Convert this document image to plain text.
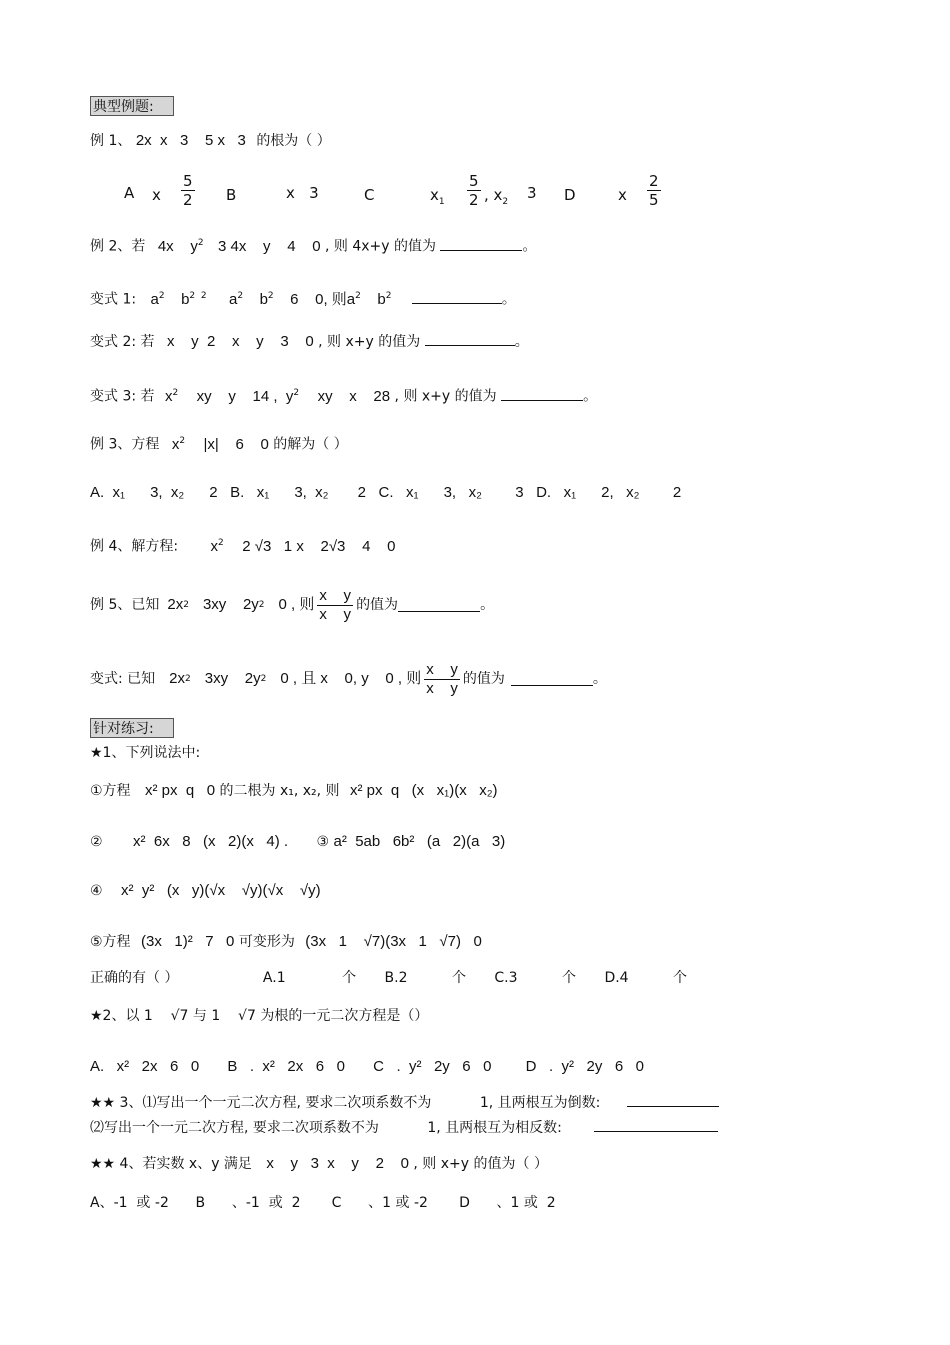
典型例题:
例 1、 2x  x   3    5 x   3 的根为（ ）
A x $\frac{5}{2}$ B	x   3	C	$x_1 \frac{5}{2}$ , $x_2$ 3 D	x $\frac{2}{5}$
例 2、若 4x    $y^2$ 3 4x    y    4    0 , 则 4x+y 的值为	。
变式 1: $a^2$ $b^{2 2}$ $a^2$ $b^2$ 6    0, 则$a^2$ $b^2$	。
变式 2: 若 x    y  2    x    y    3    0 , 则 x+y 的值为	。
变式 3: 若 $x^2$ xy    y    14 ,  $y^2$ xy    x    28 , 则 x+y 的值为	。
例 3、方程 $x^2$ |x|    6    0 的解为（ ）
A.  x₁      3,  x₂      2   B.   x₁      3,  x₂       2   C.   x₁      3,   x₂        3   D.   x₁      2,   x₂        2
例 4、解方程: $x^2$ 2 √3   1 x    2√3    4    0
例 5、已知 2x 2 3xy    2y 2 0 , 则 $\frac{\text{x    y}}{\text{x    y}}$ 的值为	。
变式: 已知 2x 2 3xy    2y 2 0 , 且 x    0, y    0 , 则 $\frac{\text{x    y}}{\text{x    y}}$ 的值为	。
针对练习:
★1、下列说法中:
①方程 x² px  q   0 的二根为 x₁, x₂, 则 x² px  q   (x   x₁)(x   x₂)
② x²  6x   8   (x   2)(x   4) . ③ a²  5ab   6b²   (a   2)(a   3)
④ x²  y²   (x   y)(√x    √y)(√x    √y)
⑤方程 (3x   1)²   7   0 可变形为 (3x   1    √7)(3x   1   √7)   0
正确的有（ ）	A.1	个 B.2	个 C.3	个 D.4	个
★2、以 1    √7 与 1    √7 为根的一元二次方程是（）
A.   x²   2x   6   0 B   .  x²   2x   6   0 C   .  y²   2y   6   0 D   .  y²   2y   6   0
★★ 3、⑴写出一个一元二次方程, 要求二次项系数不为	1, 且两根互为倒数:
⑵写出一个一元二次方程, 要求二次项系数不为	1, 且两根互为相反数:
★★ 4、若实数 x、y 满足 x    y   3  x    y    2    0 , 则 x+y 的值为（ ）
A、-1  或 -2      B      、-1  或  2       C      、1 或 -2       D      、1 或  2
